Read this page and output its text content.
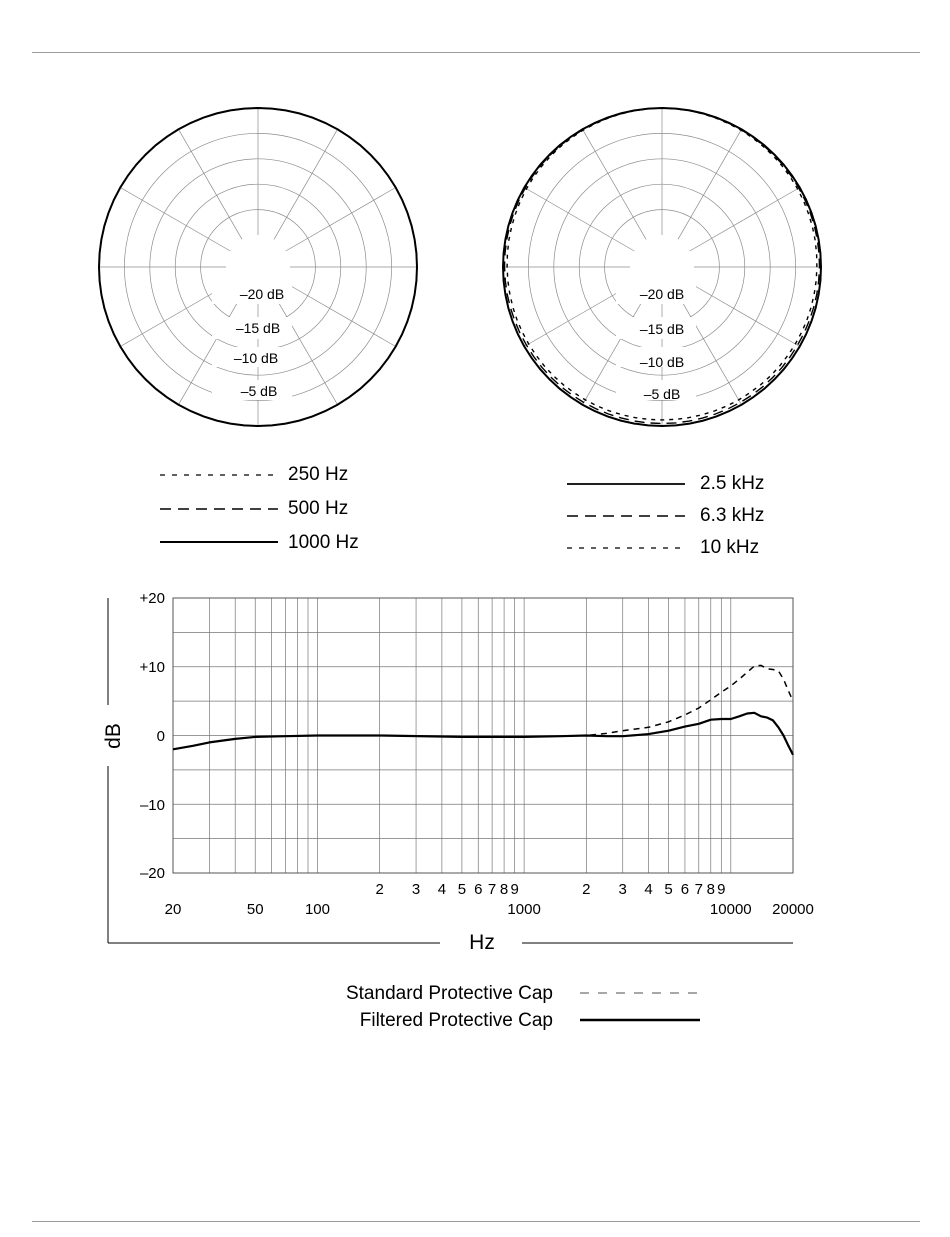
250 Hz
500 Hz
1000 Hz
2.5 kHz
6.3 kHz
10 kHz
+20
+10
0
–10
–20
20	50	100	1000	10000 20000
2 3 4 5 6 7 8 9	2 3 4 5 6 7 8 9
dB
Hz
Standard Protective Cap
Filtered Protective Cap
–20 dB
–15 dB
–10 dB
–5 dB
–20 dB
–15 dB
–10 dB
–5 dB
